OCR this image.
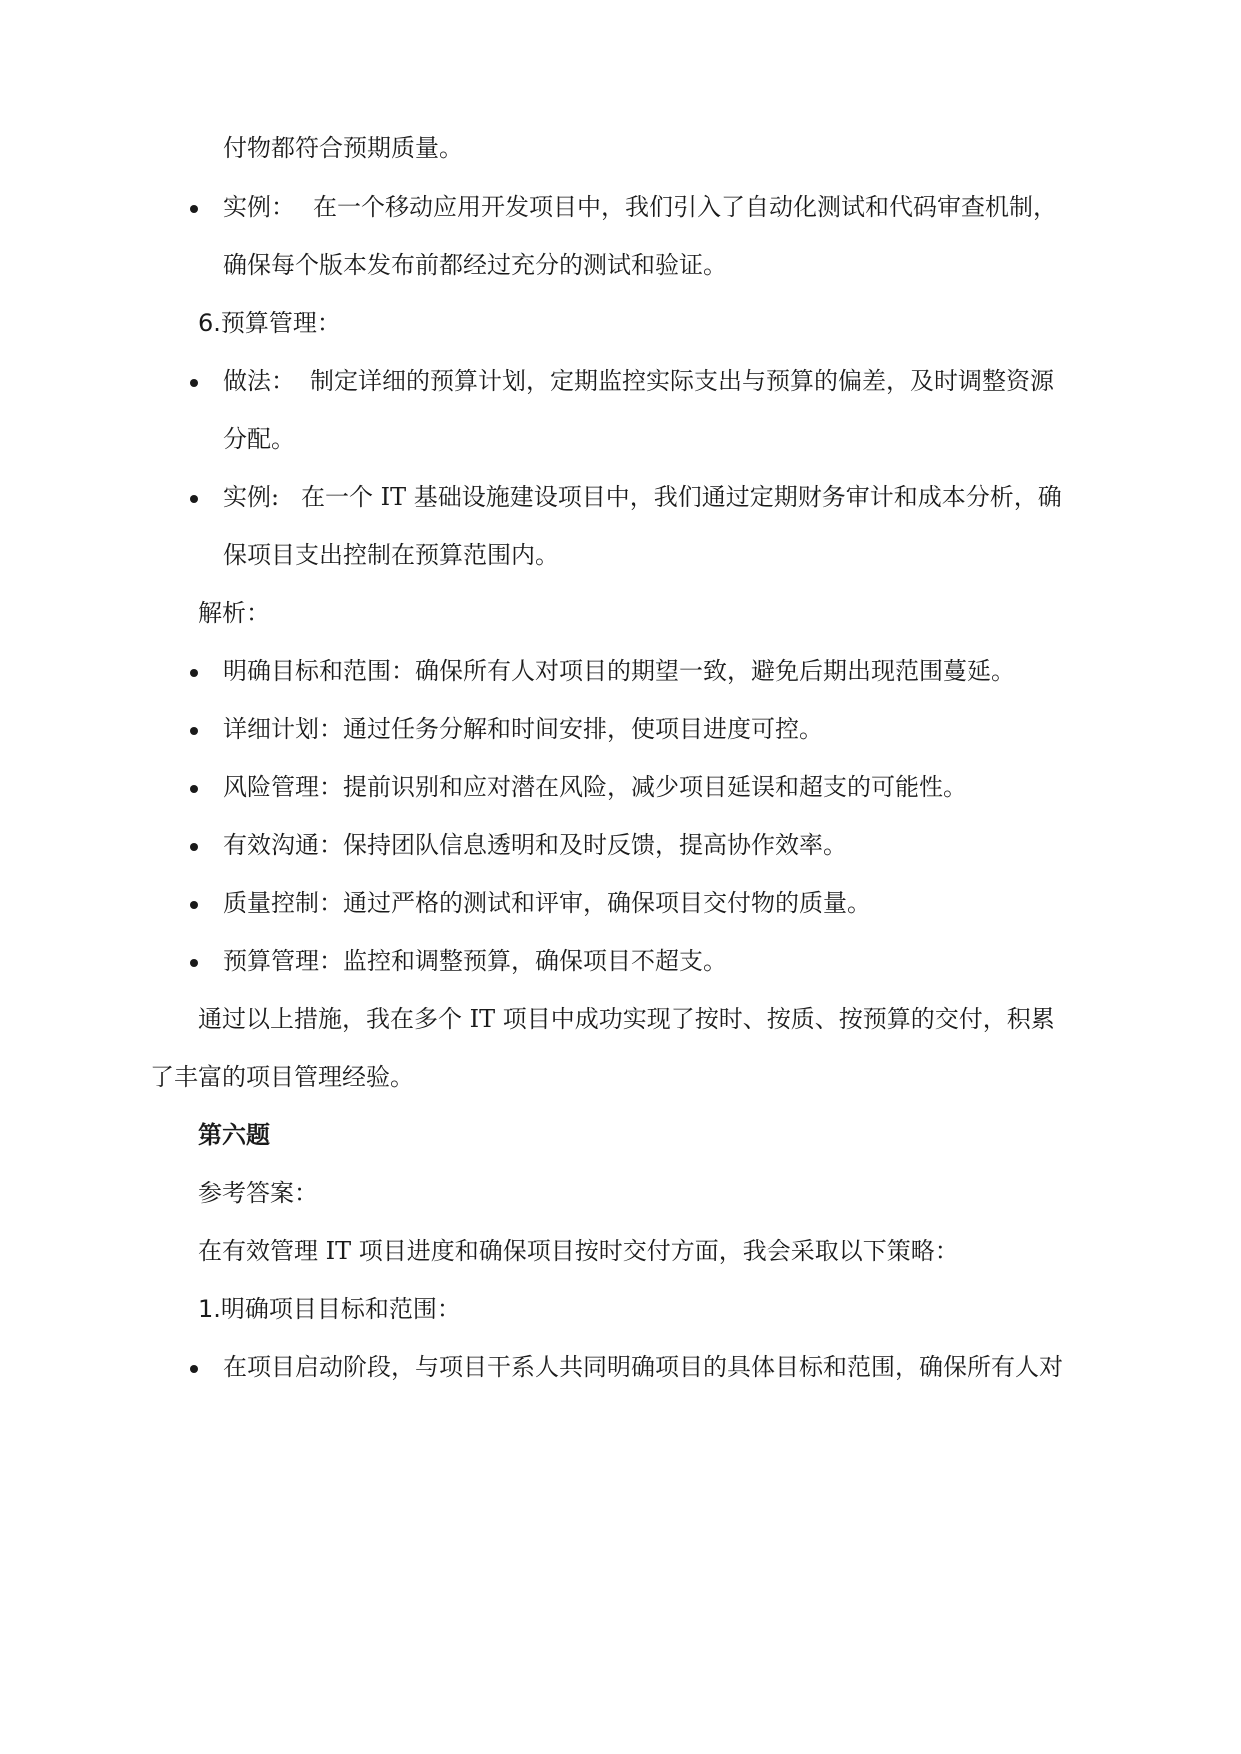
付物都符合预期质量。
实例： 在一个移动应用开发项目中，我们引入了自动化测试和代码审查机制，
确保每个版本发布前都经过充分的测试和验证。
6.预算管理：
做法： 制定详细的预算计划，定期监控实际支出与预算的偏差，及时调整资源
分配。
实例: 在一个 IT 基础设施建设项目中，我们通过定期财务审计和成本分析，确
保项目支出控制在预算范围内。
解析：
明确目标和范围：确保所有人对项目的期望一致，避免后期出现范围蔓延。
详细计划：通过任务分解和时间安排，使项目进度可控。
风险管理：提前识别和应对潜在风险，减少项目延误和超支的可能性。
有效沟通：保持团队信息透明和及时反馈，提高协作效率。
质量控制：通过严格的测试和评审，确保项目交付物的质量。
预算管理：监控和调整预算，确保项目不超支。
通过以上措施，我在多个 IT 项目中成功实现了按时、按质、按预算的交付，积累
了丰富的项目管理经验。
第六题
参考答案：
在有效管理 IT 项目进度和确保项目按时交付方面，我会采取以下策略：
1.明确项目目标和范围：
在项目启动阶段，与项目干系人共同明确项目的具体目标和范围，确保所有人对
